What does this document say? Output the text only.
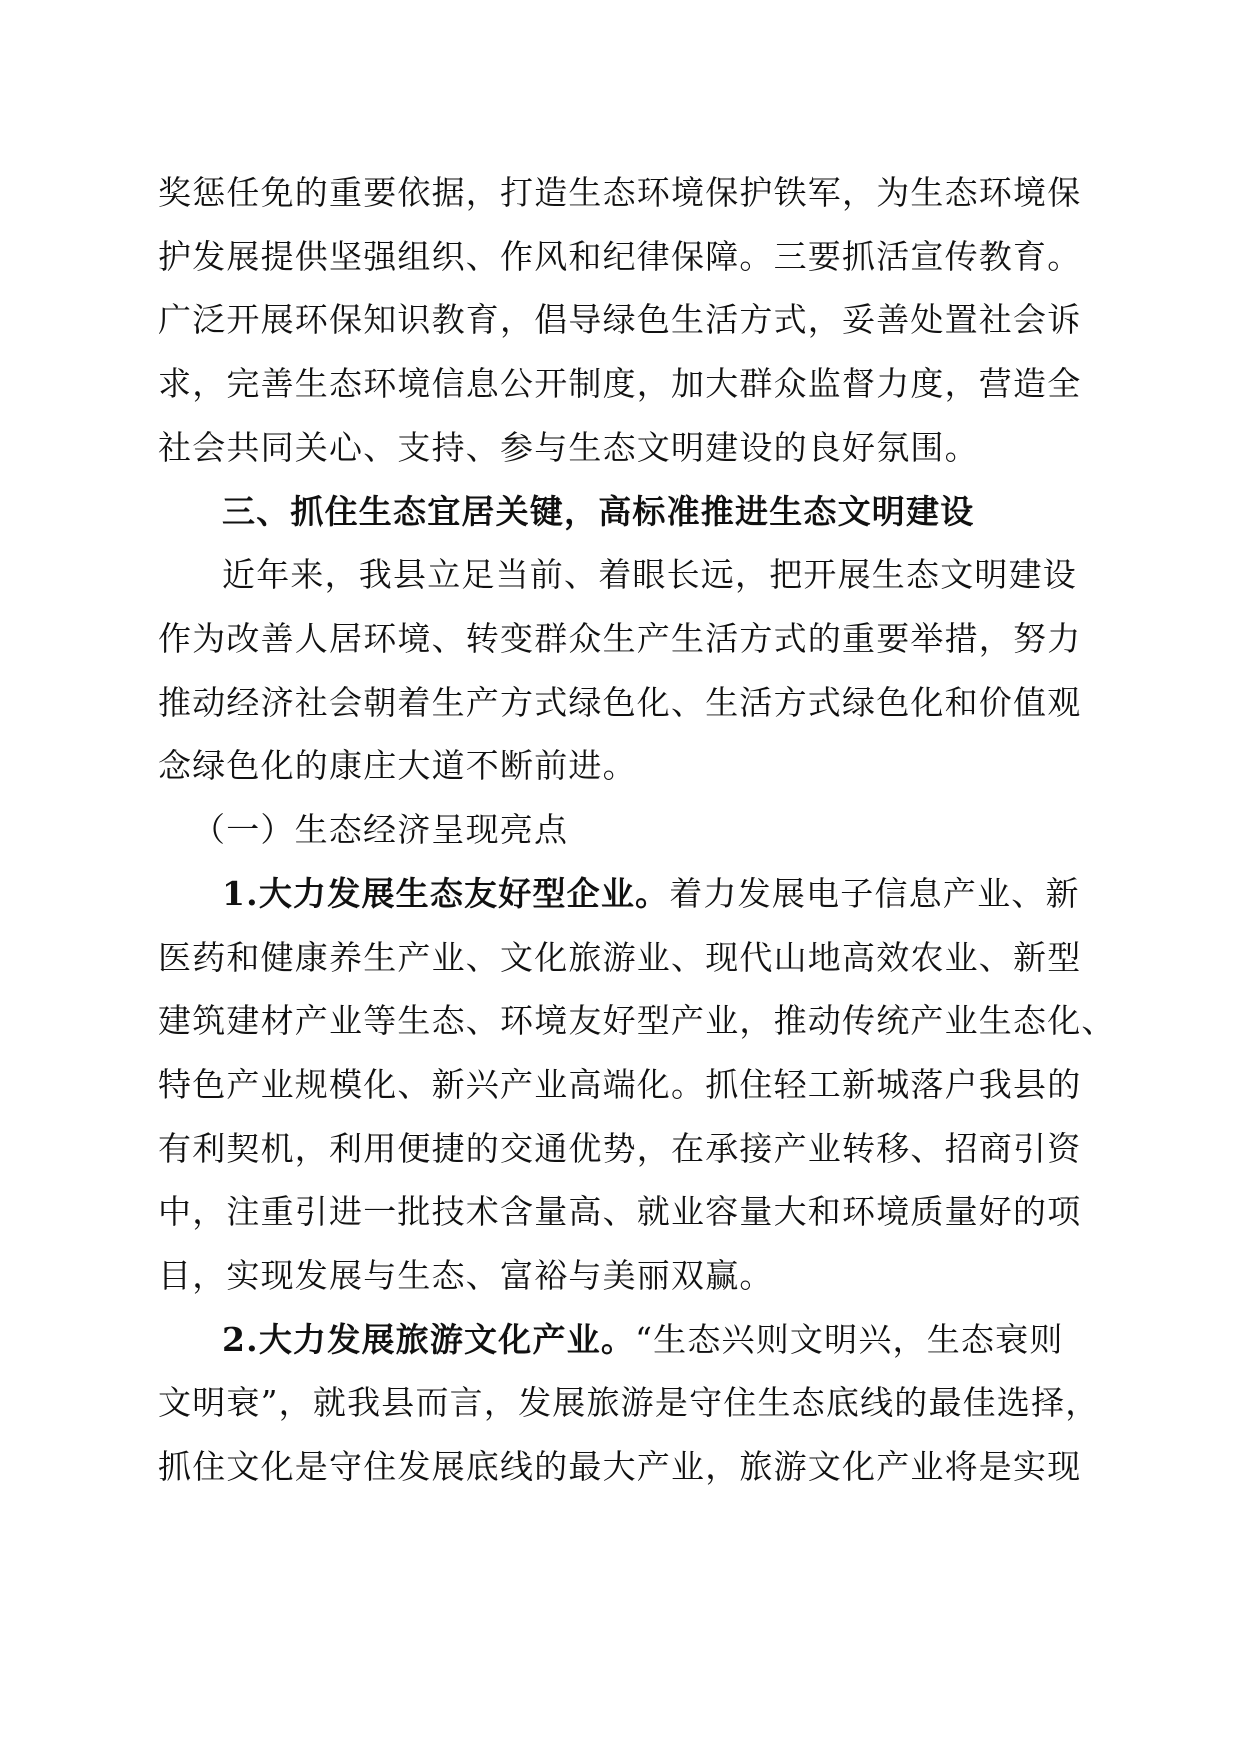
奖惩任免的重要依据，打造生态环境保护铁军，为生态环境保
护发展提供坚强组织、作风和纪律保障。三要抓活宣传教育。
广泛开展环保知识教育，倡导绿色生活方式，妥善处置社会诉
求，完善生态环境信息公开制度，加大群众监督力度，营造全
社会共同关心、支持、参与生态文明建设的良好氛围。
三、抓住生态宜居关键，高标准推进生态文明建设
近年来，我县立足当前、着眼长远，把开展生态文明建设
作为改善人居环境、转变群众生产生活方式的重要举措，努力
推动经济社会朝着生产方式绿色化、生活方式绿色化和价值观
念绿色化的康庄大道不断前进。
（一）生态经济呈现亮点
1.大力发展生态友好型企业。着力发展电子信息产业、新
医药和健康养生产业、文化旅游业、现代山地高效农业、新型
建筑建材产业等生态、环境友好型产业，推动传统产业生态化、
特色产业规模化、新兴产业高端化。抓住轻工新城落户我县的
有利契机，利用便捷的交通优势，在承接产业转移、招商引资
中，注重引进一批技术含量高、就业容量大和环境质量好的项
目，实现发展与生态、富裕与美丽双赢。
2.大力发展旅游文化产业。“生态兴则文明兴，生态衰则
文明衰”，就我县而言，发展旅游是守住生态底线的最佳选择，
抓住文化是守住发展底线的最大产业，旅游文化产业将是实现
